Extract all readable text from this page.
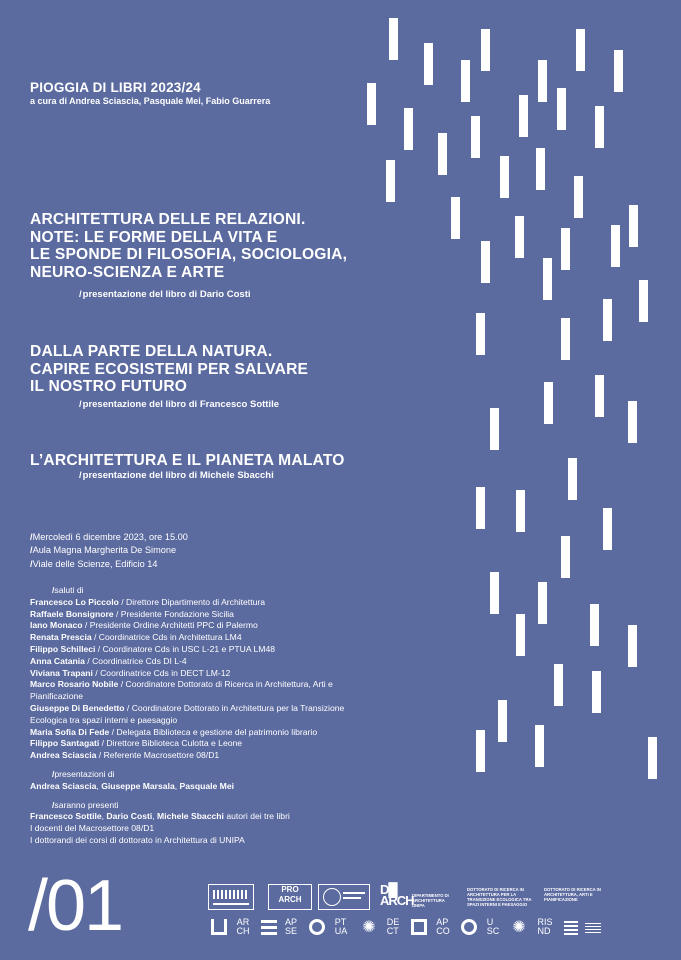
PIOGGIA DI LIBRI 2023/24
a cura di Andrea Sciascia, Pasquale Mei, Fabio Guarrera
ARCHITETTURA DELLE RELAZIONI.
NOTE: LE FORME DELLA VITA E
LE SPONDE DI FILOSOFIA, SOCIOLOGIA,
NEURO-SCIENZA E ARTE
/presentazione del libro di Dario Costi
DALLA PARTE DELLA NATURA.
CAPIRE ECOSISTEMI PER SALVARE
IL NOSTRO FUTURO
/presentazione del libro di Francesco Sottile
L’ARCHITETTURA E IL PIANETA MALATO
/presentazione del libro di Michele Sbacchi
/Mercoledì 6 dicembre 2023, ore 15.00
/Aula Magna Margherita De Simone
/Viale delle Scienze, Edificio 14
/saluti di
Francesco Lo Piccolo / Direttore Dipartimento di Architettura
Raffaele Bonsignore / Presidente Fondazione Sicilia
Iano Monaco / Presidente Ordine Architetti PPC di Palermo
Renata Prescia / Coordinatrice Cds in Architettura LM4
Filippo Schilleci / Coordinatore Cds in USC L-21 e PTUA LM48
Anna Catania / Coordinatrice Cds DI L-4
Viviana Trapani / Coordinatrice Cds in DECT LM-12
Marco Rosario Nobile / Coordinatore Dottorato di Ricerca in Architettura, Arti e Pianificazione
Giuseppe Di Benedetto / Coordinatore Dottorato in Architettura per la Transizione Ecologica tra spazi interni e paesaggio
Maria Sofia Di Fede / Delegata Biblioteca e gestione del patrimonio librario
Filippo Santagati / Direttore Biblioteca Culotta e Leone
Andrea Sciascia / Referente Macrosettore 08/D1
/presentazioni di
Andrea Sciascia, Giuseppe Marsala, Pasquale Mei
/saranno presenti
Francesco Sottile, Dario Costi, Michele Sbacchi autori dei tre libri
I docenti del Macrosettore 08/D1
I dottorandi dei corsi di dottorato in Architettura di UNIPA
/01	PRO ARCH
D█
ARCH
DIPARTIMENTO DI ARCHITETTURA UNIPA
DOTTORATO DI RICERCA IN ARCHITETTURA PER LA TRANSIZIONE ECOLOGICA TRA SPAZI INTERNI E PAESAGGIO
DOTTORATO DI RICERCA IN ARCHITETTURA, ARTI E PIANIFICAZIONE
AR
CH
AP
SE ○ PT
UA ✺	DE
CT
AP
CO
U
SC ✺	RIS
ND
